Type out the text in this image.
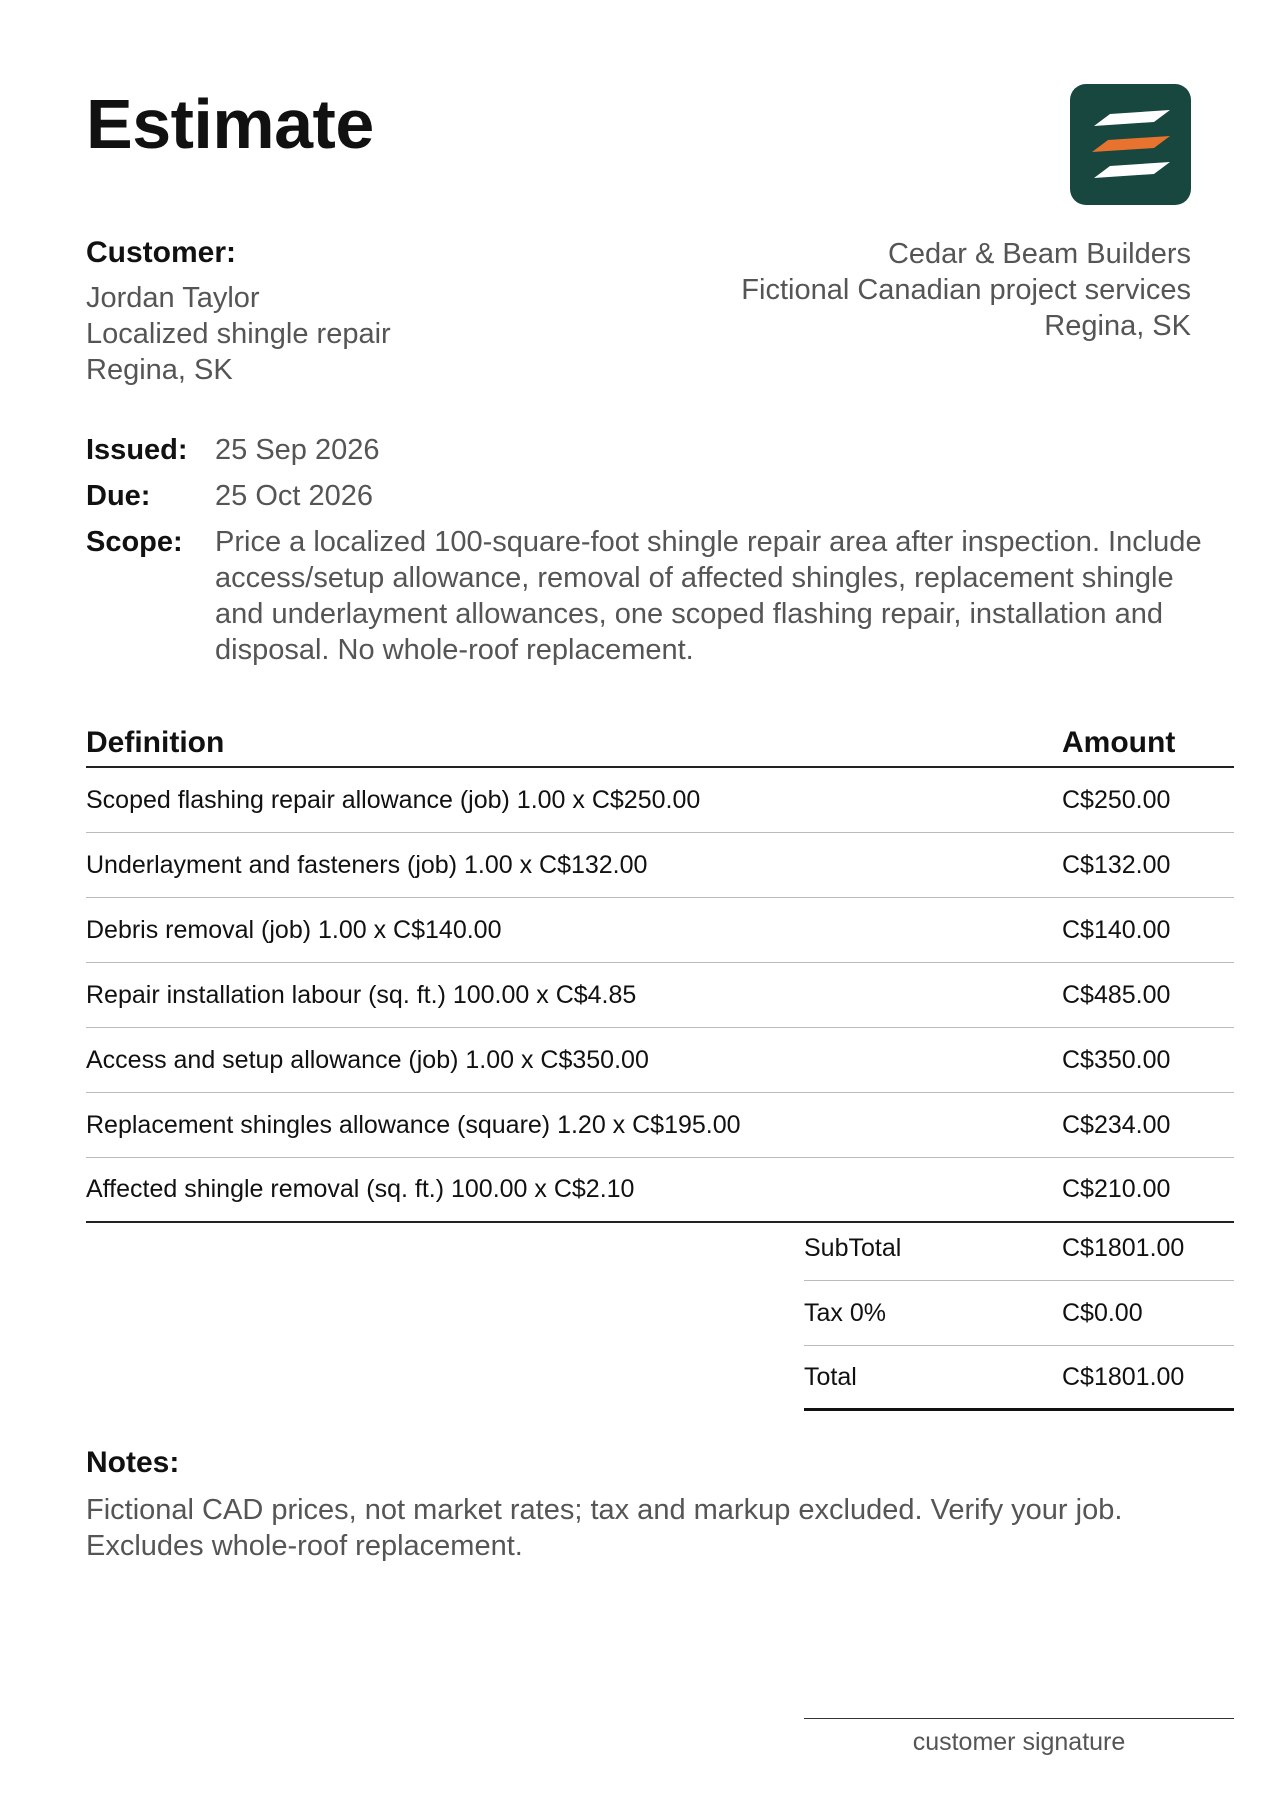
Estimate
Customer:
Jordan Taylor
Localized shingle repair
Regina, SK
Cedar & Beam Builders
Fictional Canadian project services
Regina, SK
Issued: 25 Sep 2026
Due:	25 Oct 2026
Scope:	Price a localized 100-square-foot shingle repair area after inspection. Include access/setup allowance, removal of affected shingles, replacement shingle and underlayment allowances, one scoped flashing repair, installation and disposal. No whole-roof replacement.
Definition	Amount
Scoped flashing repair allowance (job) 1.00 x C$250.00	C$250.00
Underlayment and fasteners (job) 1.00 x C$132.00	C$132.00
Debris removal (job) 1.00 x C$140.00	C$140.00
Repair installation labour (sq. ft.) 100.00 x C$4.85	C$485.00
Access and setup allowance (job) 1.00 x C$350.00	C$350.00
Replacement shingles allowance (square) 1.20 x C$195.00	C$234.00
Affected shingle removal (sq. ft.) 100.00 x C$2.10	C$210.00
SubTotal	C$1801.00
Tax 0%	C$0.00
Total	C$1801.00
Notes:
Fictional CAD prices, not market rates; tax and markup excluded. Verify your job.
Excludes whole-roof replacement.
customer signature
